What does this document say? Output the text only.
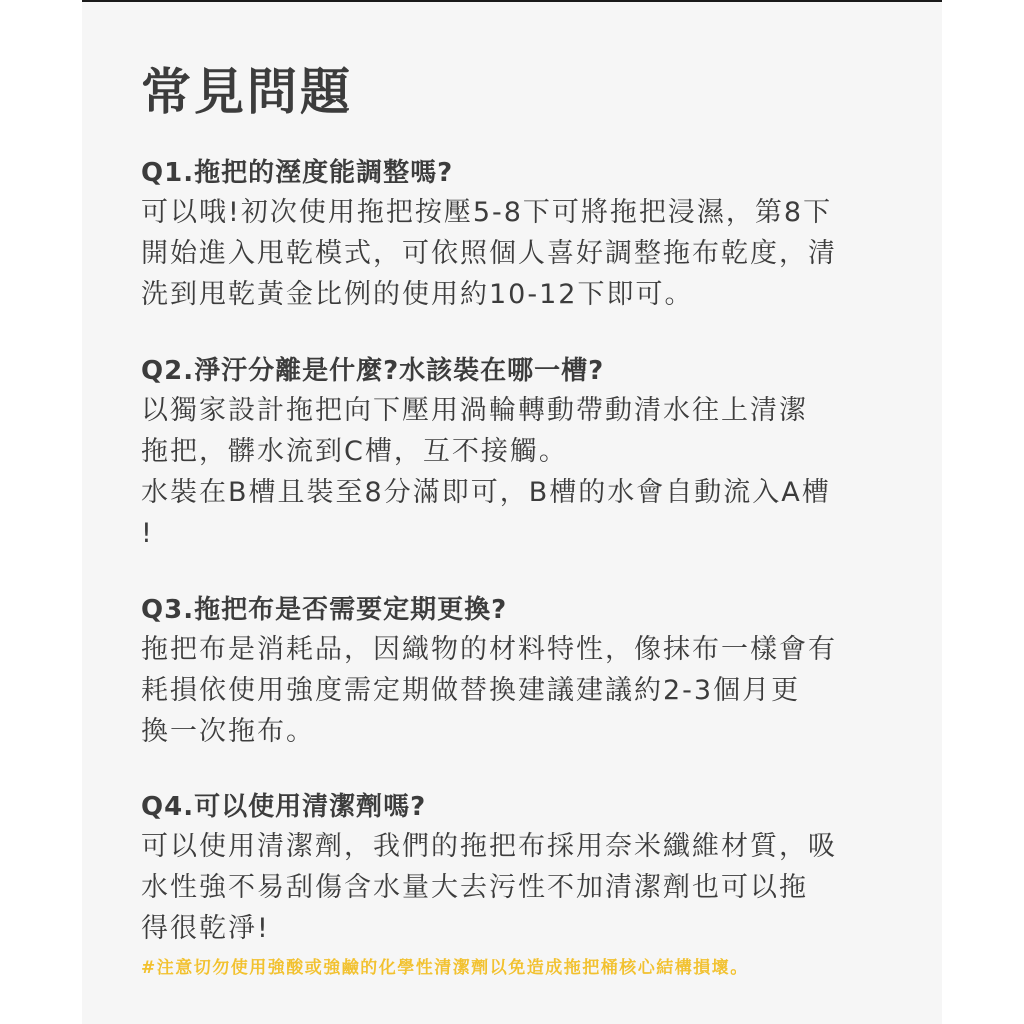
常見問題
Q1.拖把的溼度能調整嗎?

可以哦!初次使用拖把按壓5-8下可將拖把浸濕，第8下
開始進入甩乾模式，可依照個人喜好調整拖布乾度，清
洗到甩乾黃金比例的使用約10-12下即可。

Q2.淨汙分離是什麼?水該裝在哪一槽?

以獨家設計拖把向下壓用渦輪轉動帶動清水往上清潔
拖把，髒水流到C槽，互不接觸。
水裝在B槽且裝至8分滿即可，B槽的水會自動流入A槽
!

Q3.拖把布是否需要定期更換?

拖把布是消耗品，因織物的材料特性，像抹布一樣會有
耗損依使用強度需定期做替換建議建議約2-3個月更
換一次拖布。

Q4.可以使用清潔劑嗎?

可以使用清潔劑，我們的拖把布採用奈米纖維材質，吸
水性強不易刮傷含水量大去污性不加清潔劑也可以拖
得很乾淨!

#注意切勿使用強酸或強鹼的化學性清潔劑以免造成拖把桶核心結構損壞。
